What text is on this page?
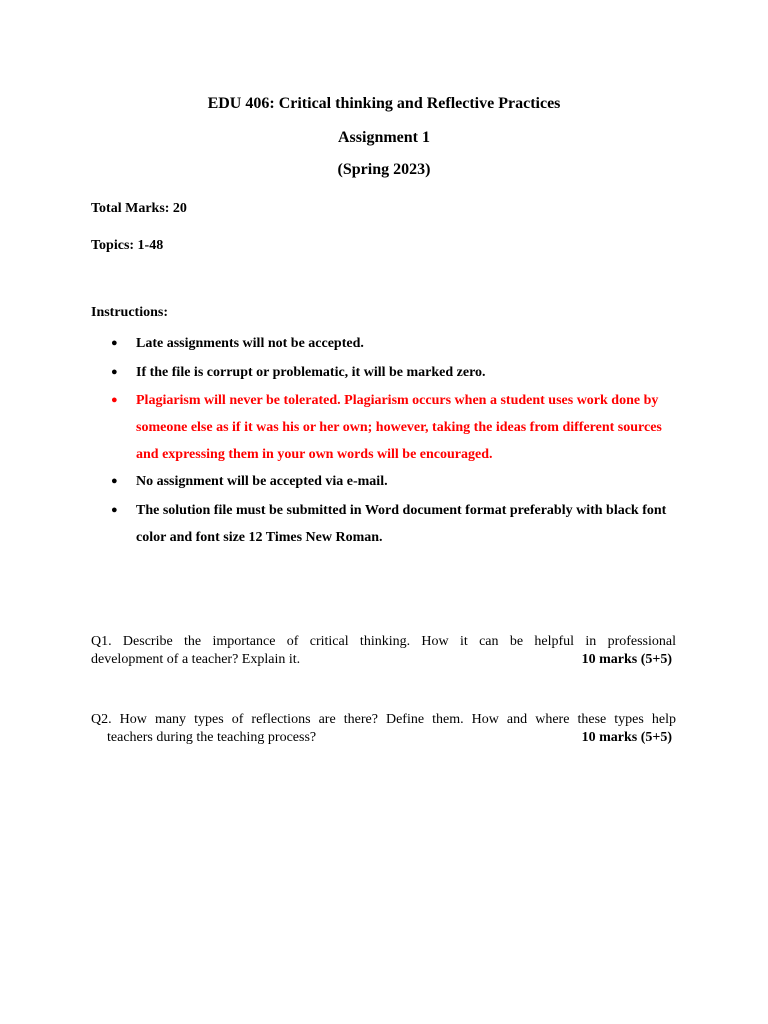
EDU 406: Critical thinking and Reflective Practices
Assignment 1
(Spring 2023)

Total Marks: 20

Topics: 1-48

Instructions:

● Late assignments will not be accepted.
● If the file is corrupt or problematic, it will be marked zero.
● Plagiarism will never be tolerated. Plagiarism occurs when a student uses work done by someone else as if it was his or her own; however, taking the ideas from different sources and expressing them in your own words will be encouraged.
● No assignment will be accepted via e-mail.
● The solution file must be submitted in Word document format preferably with black font color and font size 12 Times New Roman.
Q1. Describe the importance of critical thinking. How it can be helpful in professional
development of a teacher? Explain it.	10 marks (5+5)
Q2. How many types of reflections are there? Define them. How and where these types help
teachers during the teaching process?	10 marks (5+5)
